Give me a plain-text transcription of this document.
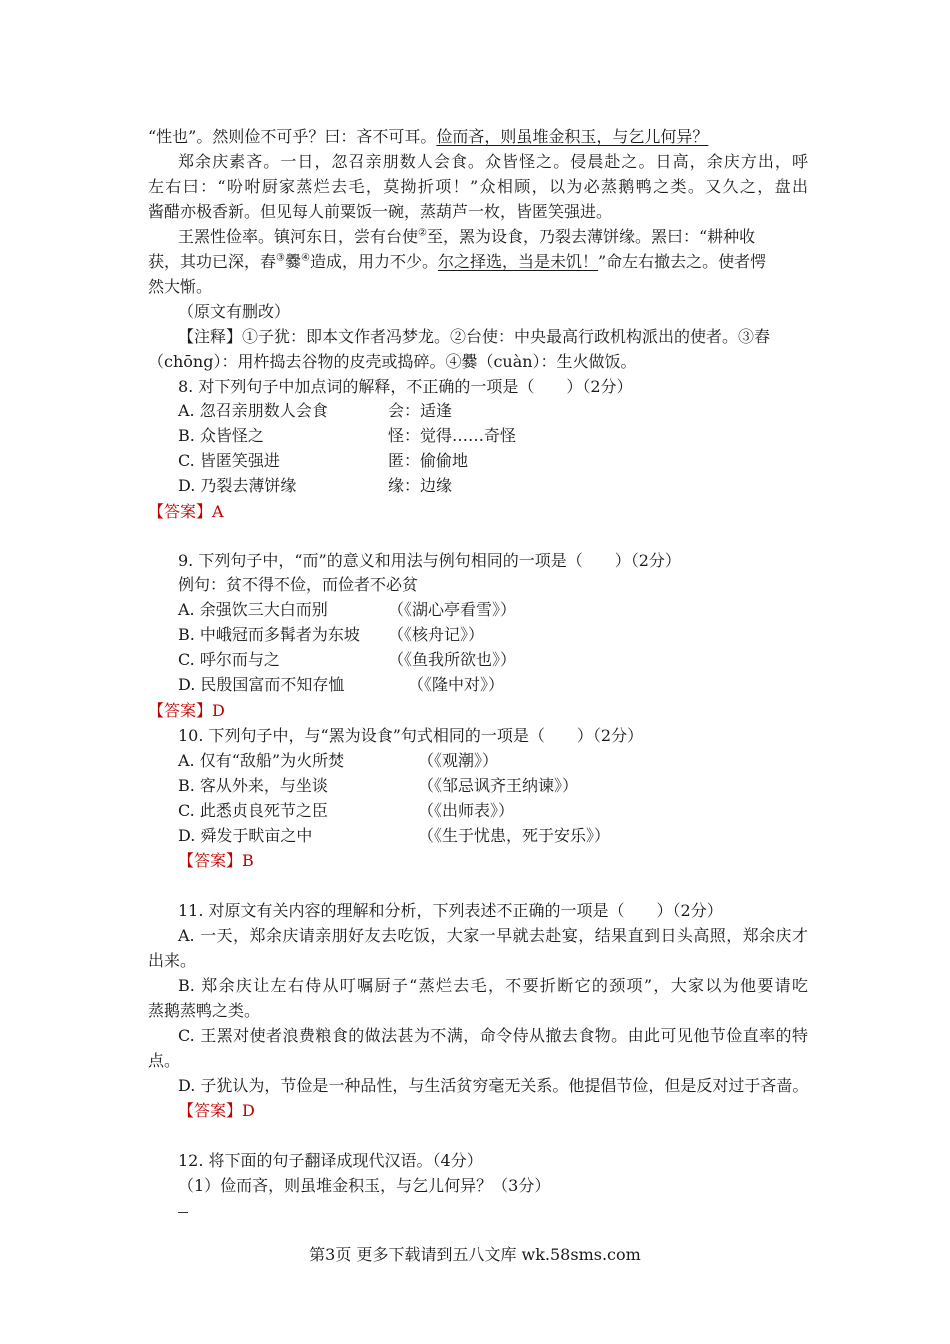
“性也”。然则俭不可乎？曰：吝不可耳。俭而吝，则虽堆金积玉，与乞儿何异？
郑余庆素吝。一日，忽召亲朋数人会食。众皆怪之。侵晨赴之。日高，余庆方出，呼
左右曰：“吩咐厨家蒸烂去毛，莫拗折项！”众相顾，以为必蒸鹅鸭之类。又久之，盘出
酱醋亦极香新。但见每人前粟饭一碗，蒸葫芦一枚，皆匿笑强进。
王罴性俭率。镇河东日，尝有台使②至，罴为设食，乃裂去薄饼缘。罴曰：“耕种收
获，其功已深，舂③爨④造成，用力不少。尔之择选，当是未饥！”命左右撤去之。使者愕
然大惭。
（原文有删改）
【注释】①子犹：即本文作者冯梦龙。②台使：中央最高行政机构派出的使者。③舂
（chōng）：用杵捣去谷物的皮壳或捣碎。④爨（cuàn）：生火做饭。
8. 对下列句子中加点词的解释，不正确的一项是（　　）（2分）
A. 忽召亲朋数人会食	会：适逢
B. 众皆怪之	怪：觉得……奇怪
C. 皆匿笑强进	匿：偷偷地
D. 乃裂去薄饼缘	缘：边缘
【答案】A
9. 下列句子中，“而”的意义和用法与例句相同的一项是（　　）（2分）
例句：贫不得不俭，而俭者不必贫
A. 余强饮三大白而别	（《湖心亭看雪》）
B. 中峨冠而多髯者为东坡 （《核舟记》）
C. 呼尔而与之	（《鱼我所欲也》）
D. 民殷国富而不知存恤	（《隆中对》）
【答案】D
10. 下列句子中，与“罴为设食”句式相同的一项是（　　）（2分）
A. 仅有“敌船”为火所焚	（《观潮》）
B. 客从外来，与坐谈	（《邹忌讽齐王纳谏》）
C. 此悉贞良死节之臣	（《出师表》）
D. 舜发于畎亩之中	（《生于忧患，死于安乐》）
【答案】B
11. 对原文有关内容的理解和分析，下列表述不正确的一项是（　　）（2分）
A. 一天，郑余庆请亲朋好友去吃饭，大家一早就去赴宴，结果直到日头高照，郑余庆才
出来。
B. 郑余庆让左右侍从叮嘱厨子“蒸烂去毛，不要折断它的颈项”，大家以为他要请吃
蒸鹅蒸鸭之类。
C. 王罴对使者浪费粮食的做法甚为不满，命令侍从撤去食物。由此可见他节俭直率的特
点。
D. 子犹认为，节俭是一种品性，与生活贫穷毫无关系。他提倡节俭，但是反对过于吝啬。
【答案】D
12. 将下面的句子翻译成现代汉语。（4分）
（1）俭而吝，则虽堆金积玉，与乞儿何异？（3分）
第3页 更多下载请到五八文库 wk.58sms.com
